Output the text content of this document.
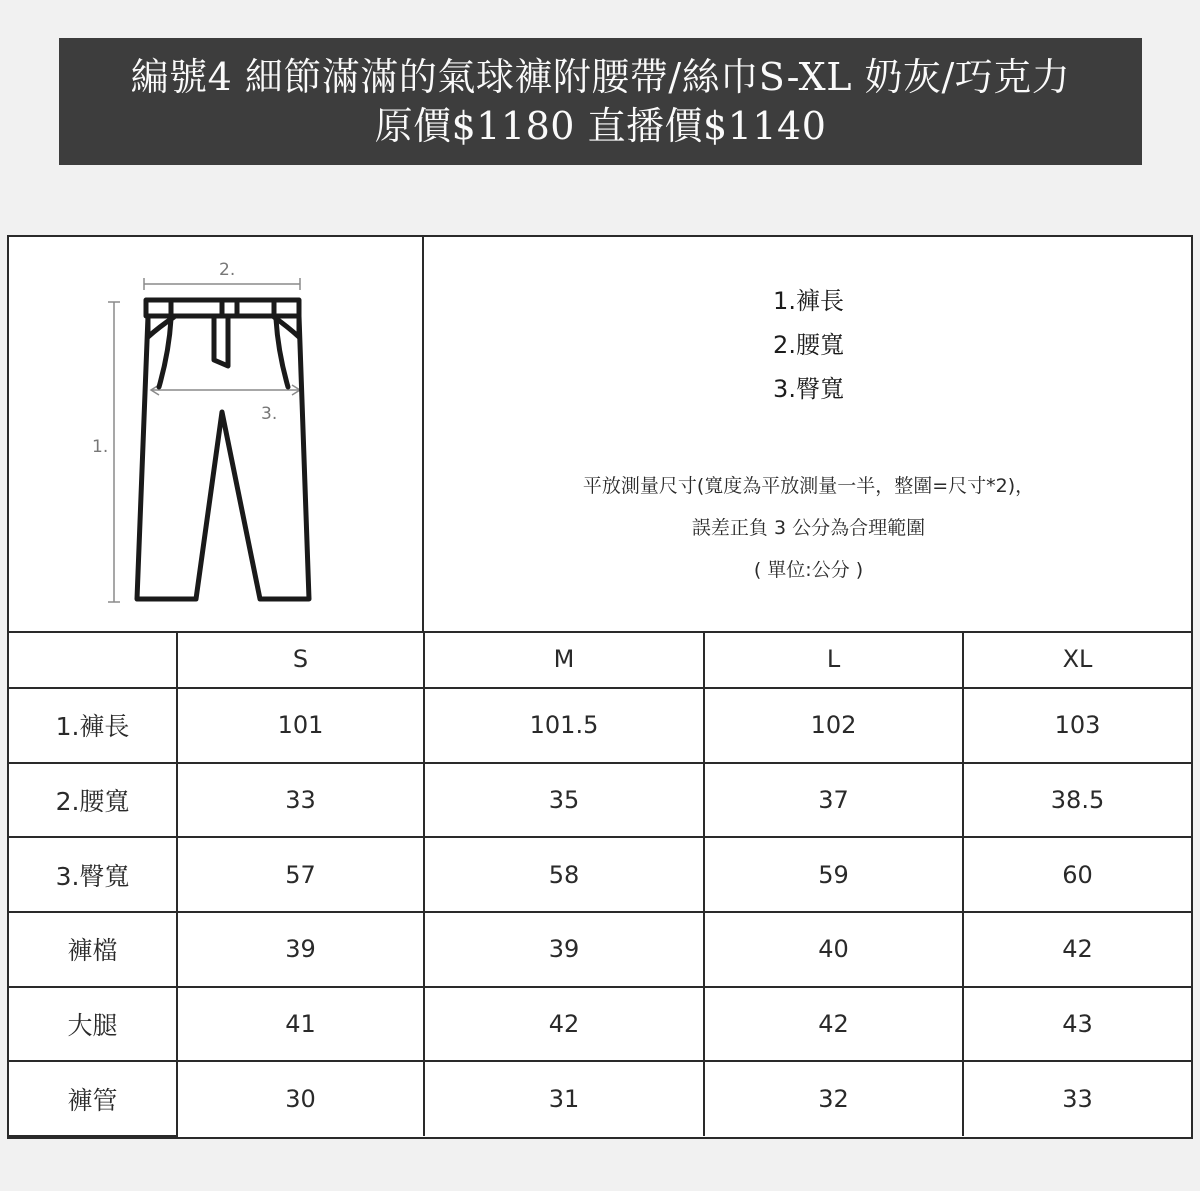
編號4 細節滿滿的氣球褲附腰帶/絲巾S-XL 奶灰/巧克力
原價$1180 直播價$1140
1.
2.
3.
1.褲長
2.腰寬
3.臀寬
平放測量尺寸(寬度為平放測量一半，整圍=尺寸*2)，
誤差正負 3 公分為合理範圍
( 單位:公分 )
	S	M	L	XL
1.褲長	101	101.5	102	103
2.腰寬	33	35	37	38.5
3.臀寬	57	58	59	60
褲檔	39	39	40	42
大腿	41	42	42	43
褲管	30	31	32	33
